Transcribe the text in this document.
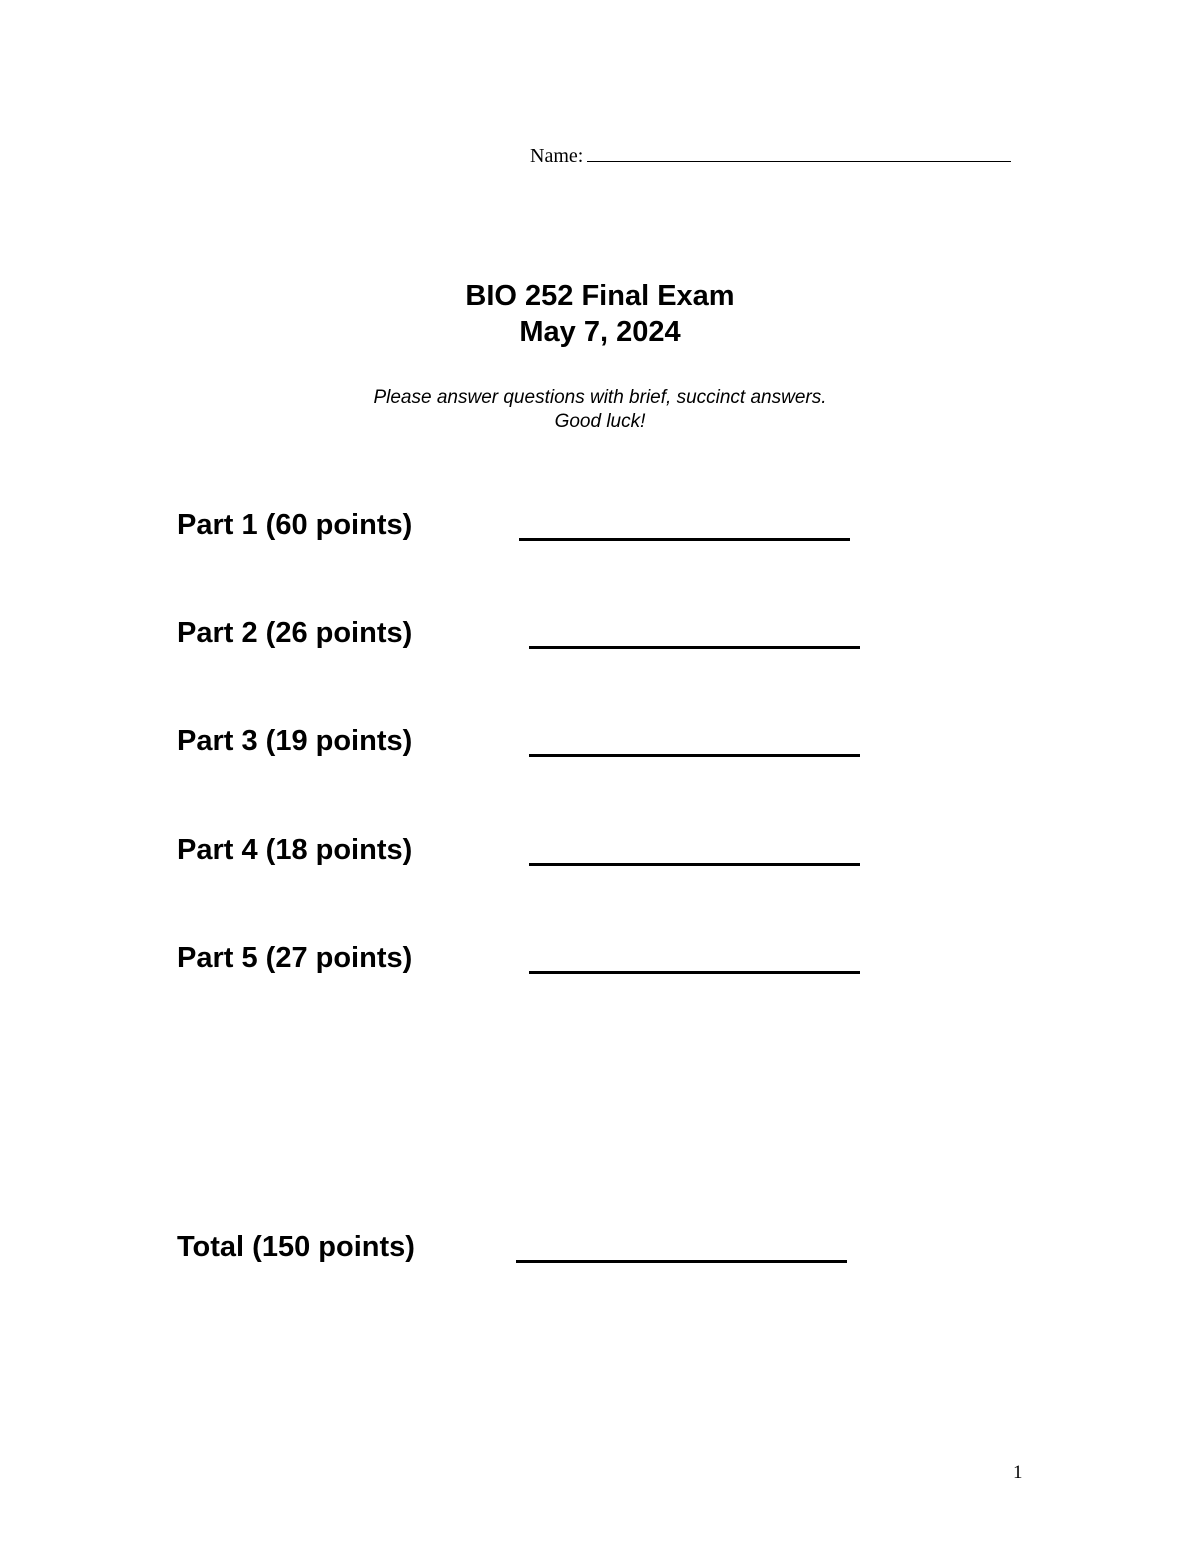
Name:
BIO 252 Final Exam
May 7, 2024
Please answer questions with brief, succinct answers.
Good luck!
Part 1 (60 points)
Part 2 (26 points)
Part 3 (19 points)
Part 4 (18 points)
Part 5 (27 points)
Total (150 points)
1
